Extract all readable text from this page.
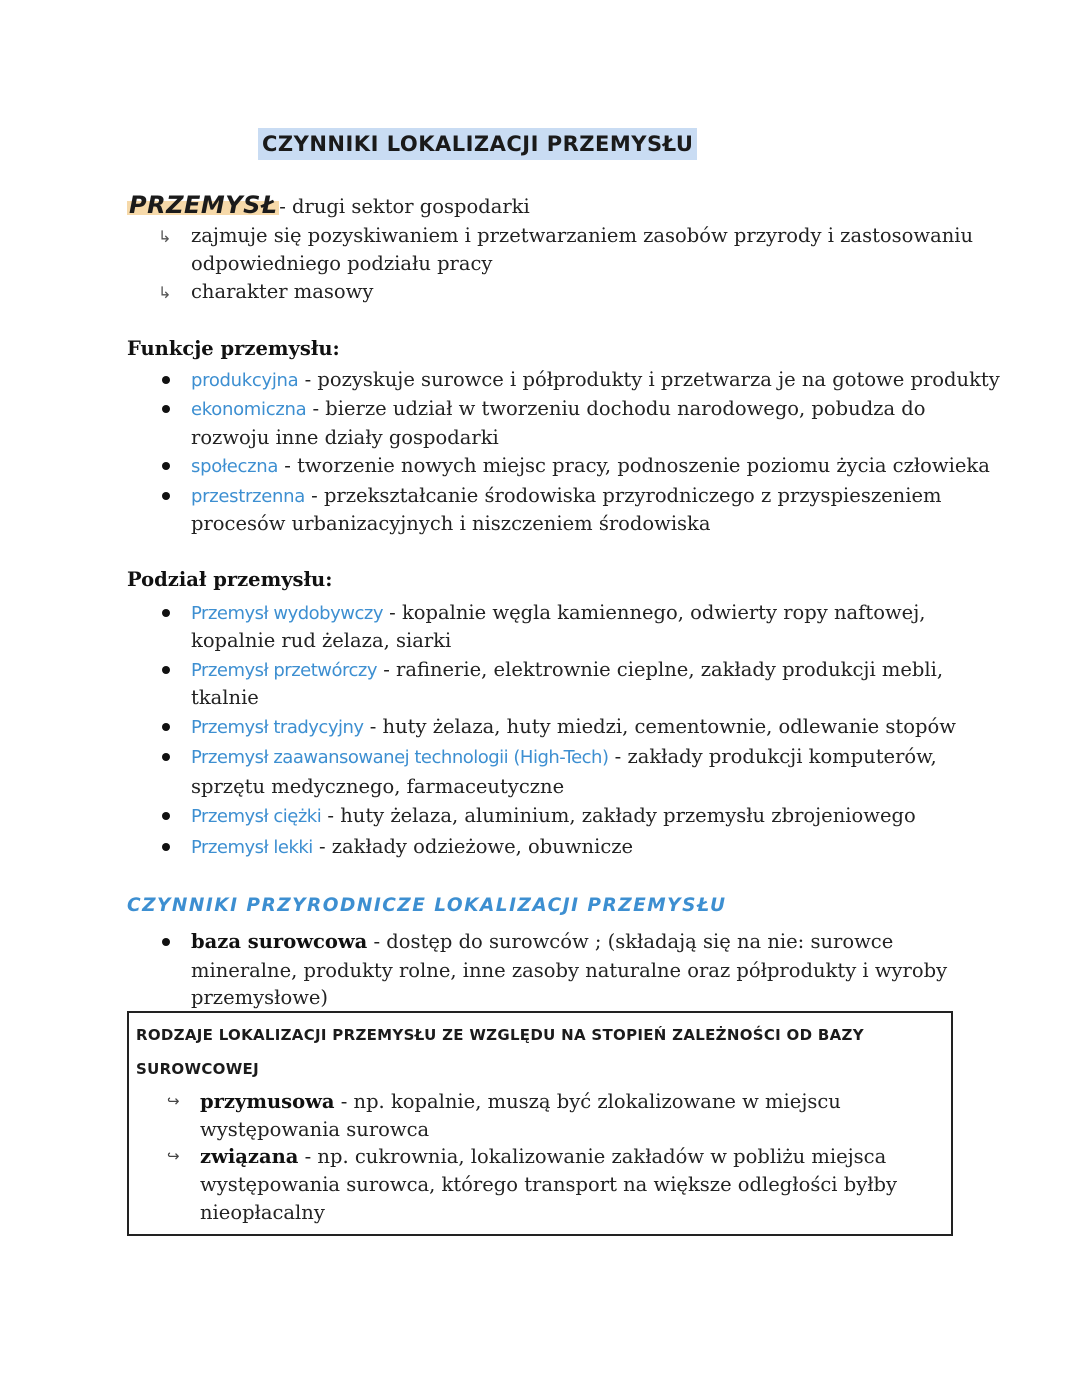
CZYNNIKI LOKALIZACJI PRZEMYSŁU
PRZEMYSŁ - drugi sektor gospodarki
↳ zajmuje się pozyskiwaniem i przetwarzaniem zasobów przyrody i zastosowaniu
odpowiedniego podziału pracy
↳ charakter masowy
Funkcje przemysłu:
produkcyjna - pozyskuje surowce i półprodukty i przetwarza je na gotowe produkty
ekonomiczna - bierze udział w tworzeniu dochodu narodowego, pobudza do
rozwoju inne działy gospodarki
społeczna - tworzenie nowych miejsc pracy, podnoszenie poziomu życia człowieka
przestrzenna - przekształcanie środowiska przyrodniczego z przyspieszeniem
procesów urbanizacyjnych i niszczeniem środowiska
Podział przemysłu:
Przemysł wydobywczy - kopalnie węgla kamiennego, odwierty ropy naftowej,
kopalnie rud żelaza, siarki
Przemysł przetwórczy - rafinerie, elektrownie cieplne, zakłady produkcji mebli,
tkalnie
Przemysł tradycyjny - huty żelaza, huty miedzi, cementownie, odlewanie stopów
Przemysł zaawansowanej technologii (High-Tech) - zakłady produkcji komputerów,
sprzętu medycznego, farmaceutyczne
Przemysł ciężki - huty żelaza, aluminium, zakłady przemysłu zbrojeniowego
Przemysł lekki - zakłady odzieżowe, obuwnicze
CZYNNIKI PRZYRODNICZE LOKALIZACJI PRZEMYSŁU
baza surowcowa - dostęp do surowców ; (składają się na nie: surowce
mineralne, produkty rolne, inne zasoby naturalne oraz półprodukty i wyroby
przemysłowe)
RODZAJE LOKALIZACJI PRZEMYSŁU ZE WZGLĘDU NA STOPIEŃ ZALEŻNOŚCI OD BAZY
SUROWCOWEJ
↪ przymusowa - np. kopalnie, muszą być zlokalizowane w miejscu
występowania surowca
↪ związana - np. cukrownia, lokalizowanie zakładów w pobliżu miejsca
występowania surowca, którego transport na większe odległości byłby
nieopłacalny
